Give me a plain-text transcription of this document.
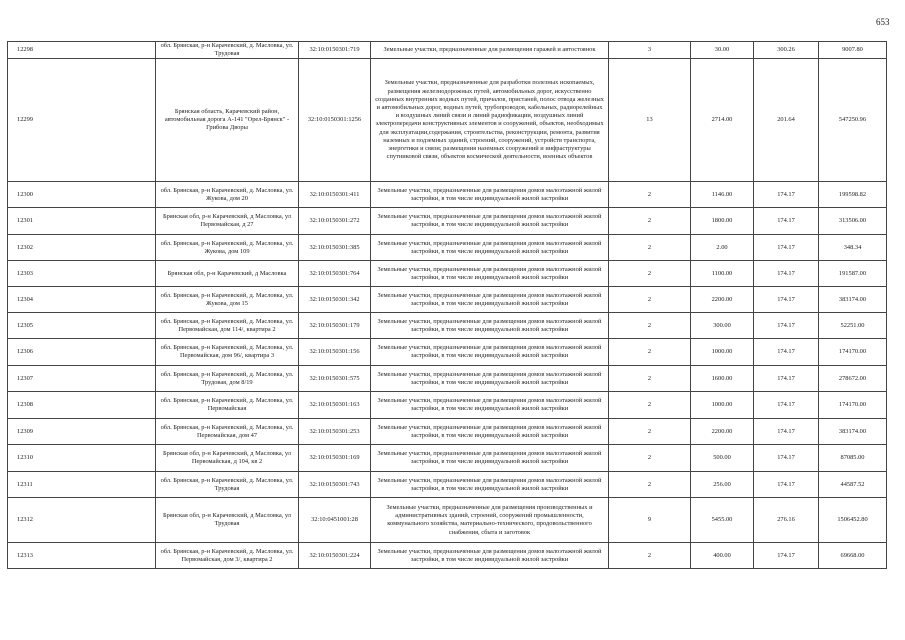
653
12298	обл. Брянская, р-н Карачевский, д. Масловка, ул. Трудовая	32:10:0150301:719	Земельные участки, предназначенные для размещения гаражей и автостоянок	3	30.00	300.26	9007.80
12299	Брянская область, Карачевский район, автомобильная дорога А-141 "Орел-Брянск" - Грибова Дворы	32:10:0150301:1256	Земельные участки, предназначенные для разработки полезных ископаемых, размещения железнодорожных путей, автомобильных дорог, искусственно созданных внутренних водных путей, причалов, пристаней, полос отвода железных и автомобильных дорог, водных путей, трубопроводов, кабельных, радиорелейных и воздушных линий связи и линий радиофикации, воздушных линий электропередачи конструктивных элементов и сооружений, объектов, необходимых для эксплуатации,содержания, строительства, реконструкции, ремонта, развития наземных и подземных зданий, строений, сооружений, устройств транспорта, энергетики и связи; размещения наземных сооружений и инфраструктуры спутниковой связи, объектов космической деятельности, военных объектов	13	2714.00	201.64	547250.96
12300	обл. Брянская, р-н Карачевский, д. Масловка, ул. Жукова, дом 20	32:10:0150301:411	Земельные участки, предназначенные для размещения домов малоэтажной жилой застройки, в том числе индивидуальной жилой застройки	2	1146.00	174.17	199598.82
12301	Брянская обл, р-н Карачевский, д Масловка, ул Первомайская, д 27	32:10:0150301:272	Земельные участки, предназначенные для размещения домов малоэтажной жилой застройки, в том числе индивидуальной жилой застройки	2	1800.00	174.17	313506.00
12302	обл. Брянская, р-н Карачевский, д. Масловка, ул. Жукова, дом 109	32:10:0150301:385	Земельные участки, предназначенные для размещения домов малоэтажной жилой застройки, в том числе индивидуальной жилой застройки	2	2.00	174.17	348.34
12303	Брянская обл, р-н Карачевский, д Масловка	32:10:0150301:764	Земельные участки, предназначенные для размещения домов малоэтажной жилой застройки, в том числе индивидуальной жилой застройки	2	1100.00	174.17	191587.00
12304	обл. Брянская, р-н Карачевский, д. Масловка, ул. Жукова, дом 15	32:10:0150301:342	Земельные участки, предназначенные для размещения домов малоэтажной жилой застройки, в том числе индивидуальной жилой застройки	2	2200.00	174.17	383174.00
12305	обл. Брянская, р-н Карачевский, д. Масловка, ул. Первомайская, дом 114/, квартира 2	32:10:0150301:179	Земельные участки, предназначенные для размещения домов малоэтажной жилой застройки, в том числе индивидуальной жилой застройки	2	300.00	174.17	52251.00
12306	обл. Брянская, р-н Карачевский, д. Масловка, ул. Первомайская, дом 96/, квартира 3	32:10:0150301:156	Земельные участки, предназначенные для размещения домов малоэтажной жилой застройки, в том числе индивидуальной жилой застройки	2	1000.00	174.17	174170.00
12307	обл. Брянская, р-н Карачевский, д. Масловка, ул. Трудовая, дом 8/19	32:10:0150301:575	Земельные участки, предназначенные для размещения домов малоэтажной жилой застройки, в том числе индивидуальной жилой застройки	2	1600.00	174.17	278672.00
12308	обл. Брянская, р-н Карачевский, д. Масловка, ул. Первомайская	32:10:0150301:163	Земельные участки, предназначенные для размещения домов малоэтажной жилой застройки, в том числе индивидуальной жилой застройки	2	1000.00	174.17	174170.00
12309	обл. Брянская, р-н Карачевский, д. Масловка, ул. Первомайская, дом 47	32:10:0150301:253	Земельные участки, предназначенные для размещения домов малоэтажной жилой застройки, в том числе индивидуальной жилой застройки	2	2200.00	174.17	383174.00
12310	Брянская обл, р-н Карачевский, д Масловка, ул Первомайская, д 104, кв 2	32:10:0150301:169	Земельные участки, предназначенные для размещения домов малоэтажной жилой застройки, в том числе индивидуальной жилой застройки	2	500.00	174.17	87085.00
12311	обл. Брянская, р-н Карачевский, д. Масловка, ул. Трудовая	32:10:0150301:743	Земельные участки, предназначенные для размещения домов малоэтажной жилой застройки, в том числе индивидуальной жилой застройки	2	256.00	174.17	44587.52
12312	Брянская обл, р-н Карачевский, д Масловка, ул Трудовая	32:10:0451001:28	Земельные участки, предназначенные для размещения производственных и административных зданий, строений, сооружений промышленности, коммунального хозяйства, материально-технического, продовольственного снабжения, сбыта и заготовок	9	5455.00	276.16	1506452.80
12313	обл. Брянская, р-н Карачевский, д. Масловка, ул. Первомайская, дом 3/, квартира 2	32:10:0150301:224	Земельные участки, предназначенные для размещения домов малоэтажной жилой застройки, в том числе индивидуальной жилой застройки	2	400.00	174.17	69668.00
